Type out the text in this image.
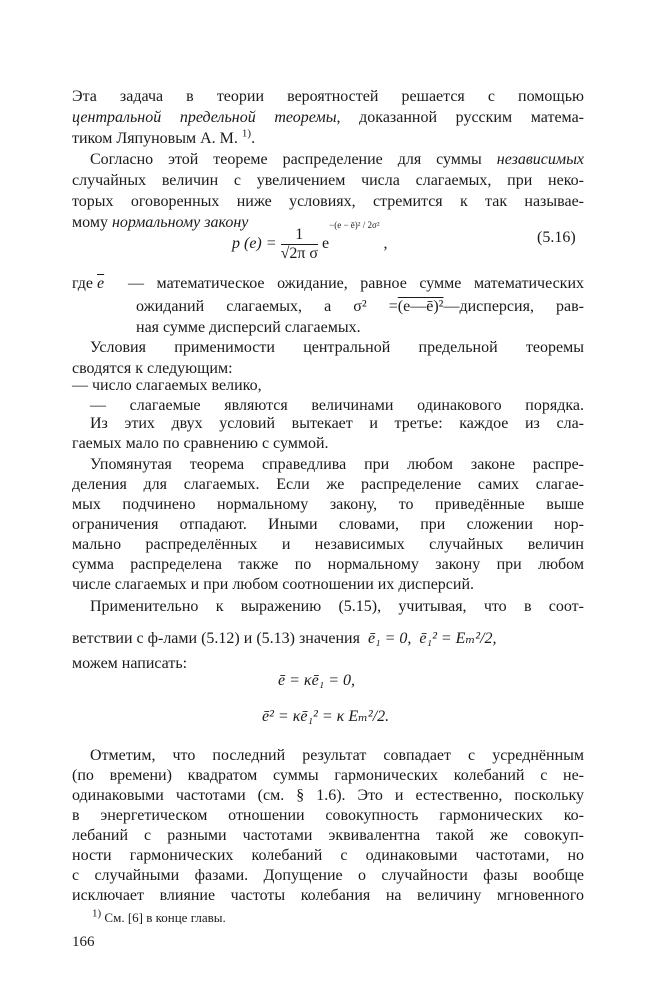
Эта задача в теории вероятностей решается с помощью

центральной предельной теоремы, доказанной русским матема-

тиком Ляпуновым А. М. $^{1)}$.

Согласно этой теореме распределение для суммы независимых

случайных величин с увеличением числа слагаемых, при неко-

торых оговоренных ниже условиях, стремится к так называе-

мому нормальному закону

p $(e) = \frac{1}{\text{√2π σ}} e^{-(e - ē)^2 / 2\sigma^2}$ ,	(5.16)
где $\overline{e}$ — математическое ожидание, равное сумме математических
ожиданий слагаемых, а σ² =(e—ē)²—дисперсия, рав-
ная сумме дисперсий слагаемых.

Условия применимости центральной предельной теоремы

сводятся к следующим:

— число слагаемых велико,

— слагаемые являются величинами одинакового порядка.

Из этих двух условий вытекает и третье: каждое из сла-

гаемых мало по сравнению с суммой.

Упомянутая теорема справедлива при любом законе распре-

деления для слагаемых. Если же распределение самих слагае-

мых подчинено нормальному закону, то приведённые выше

ограничения отпадают. Иными словами, при сложении нор-

мально распределённых и независимых случайных величин

сумма распределена также по нормальному закону при любом

числе слагаемых и при любом соотношении их дисперсий.

Применительно к выражению (5.15), учитывая, что в соот-

ветствии с ф-лами (5.12) и (5.13) значения ē₁ = 0, ē₁² = Eₘ²/2,

можем написать:

ē = κē₁ = 0,
ē² = κē₁² = κ Eₘ²/2.

Отметим, что последний результат совпадает с усреднённым

(по времени) квадратом суммы гармонических колебаний с не-

одинаковыми частотами (см. § 1.6). Это и естественно, поскольку

в энергетическом отношении совокупность гармонических ко-

лебаний с разными частотами эквивалентна такой же совокуп-

ности гармонических колебаний с одинаковыми частотами, но

с случайными фазами. Допущение о случайности фазы вообще

исключает влияние частоты колебания на величину мгновенного

$^{1)}$ См. [6] в конце главы.
166
